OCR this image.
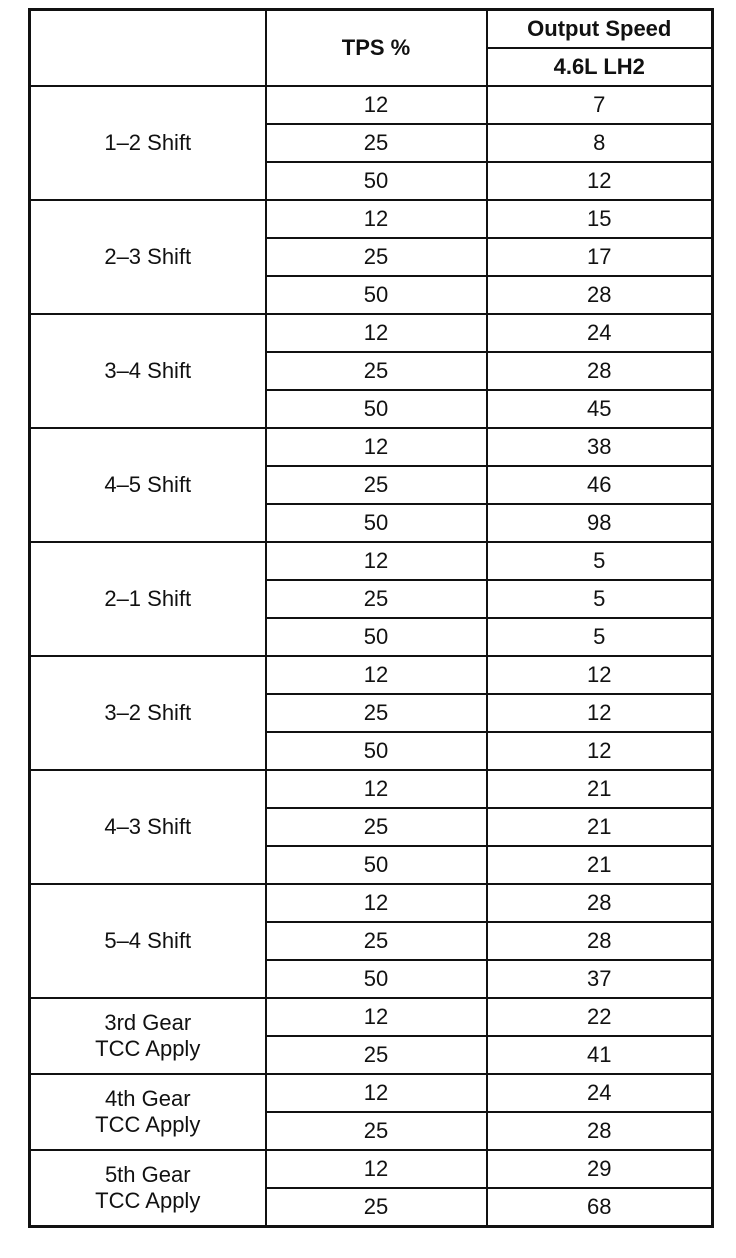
	TPS %	Output Speed
		4.6L LH2

1–2 Shift	12	7
	25	8
	50	12

2–3 Shift	12	15
	25	17
	50	28

3–4 Shift	12	24
	25	28
	50	45

4–5 Shift	12	38
	25	46
	50	98

2–1 Shift	12	5
	25	5
	50	5

3–2 Shift	12	12
	25	12
	50	12

4–3 Shift	12	21
	25	21
	50	21

5–4 Shift	12	28
	25	28
	50	37

3rd Gear
TCC Apply	12	22
	25	41

4th Gear
TCC Apply	12	24
	25	28

5th Gear
TCC Apply	12	29
	25	68
